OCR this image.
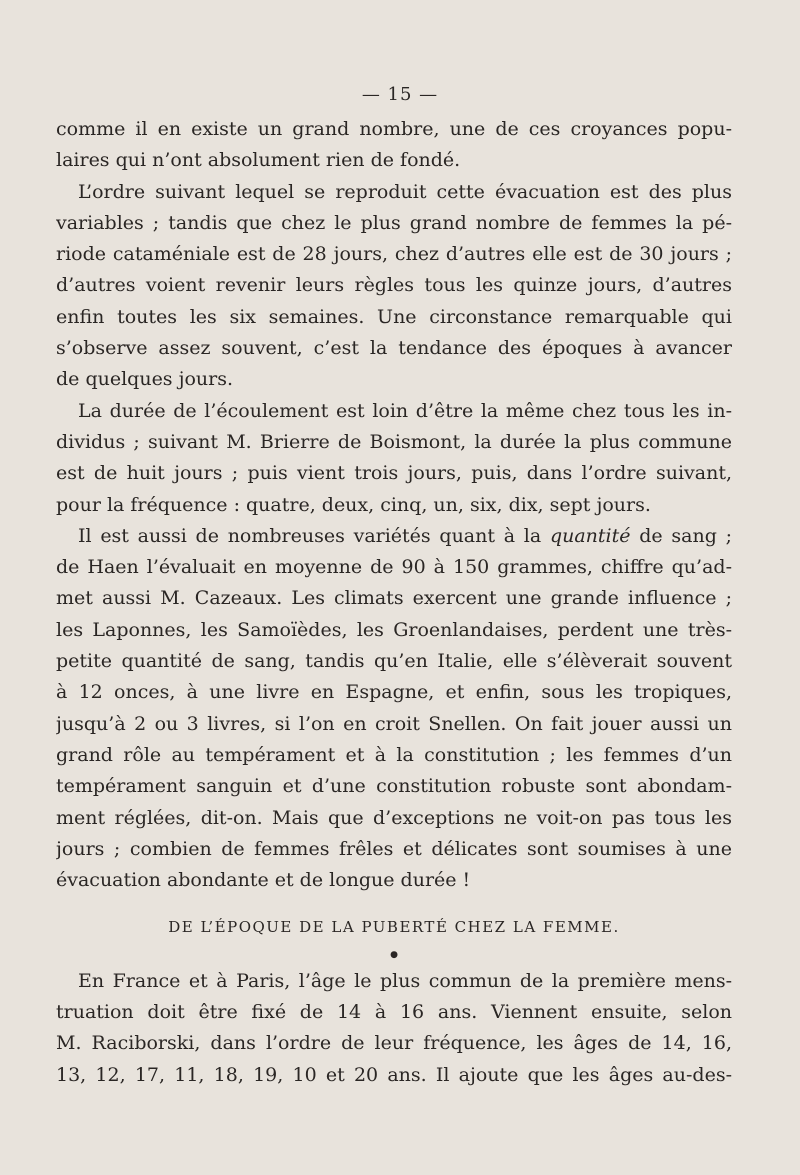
— 15 —
comme il en existe un grand nombre, une de ces croyances popu-
laires qui n’ont absolument rien de fondé.
L’ordre suivant lequel se reproduit cette évacuation est des plus
variables ; tandis que chez le plus grand nombre de femmes la pé-
riode cataméniale est de 28 jours, chez d’autres elle est de 30 jours ;
d’autres voient revenir leurs règles tous les quinze jours, d’autres
enfin toutes les six semaines. Une circonstance remarquable qui
s’observe assez souvent, c’est la tendance des époques à avancer
de quelques jours.
La durée de l’écoulement est loin d’être la même chez tous les in-
dividus ; suivant M. Brierre de Boismont, la durée la plus commune
est de huit jours ; puis vient trois jours, puis, dans l’ordre suivant,
pour la fréquence : quatre, deux, cinq, un, six, dix, sept jours.
Il est aussi de nombreuses variétés quant à la quantité de sang ;
de Haen l’évaluait en moyenne de 90 à 150 grammes, chiffre qu’ad-
met aussi M. Cazeaux. Les climats exercent une grande influence ;
les Laponnes, les Samoïèdes, les Groenlandaises, perdent une très-
petite quantité de sang, tandis qu’en Italie, elle s’élèverait souvent
à 12 onces, à une livre en Espagne, et enfin, sous les tropiques,
jusqu’à 2 ou 3 livres, si l’on en croit Snellen. On fait jouer aussi un
grand rôle au tempérament et à la constitution ; les femmes d’un
tempérament sanguin et d’une constitution robuste sont abondam-
ment réglées, dit-on. Mais que d’exceptions ne voit-on pas tous les
jours ; combien de femmes frêles et délicates sont soumises à une
évacuation abondante et de longue durée !
DE L’ÉPOQUE DE LA PUBERTÉ CHEZ LA FEMME.
●
En France et à Paris, l’âge le plus commun de la première mens-
truation doit être fixé de 14 à 16 ans. Viennent ensuite, selon
M. Raciborski, dans l’ordre de leur fréquence, les âges de 14, 16,
13, 12, 17, 11, 18, 19, 10 et 20 ans. Il ajoute que les âges au-des-
